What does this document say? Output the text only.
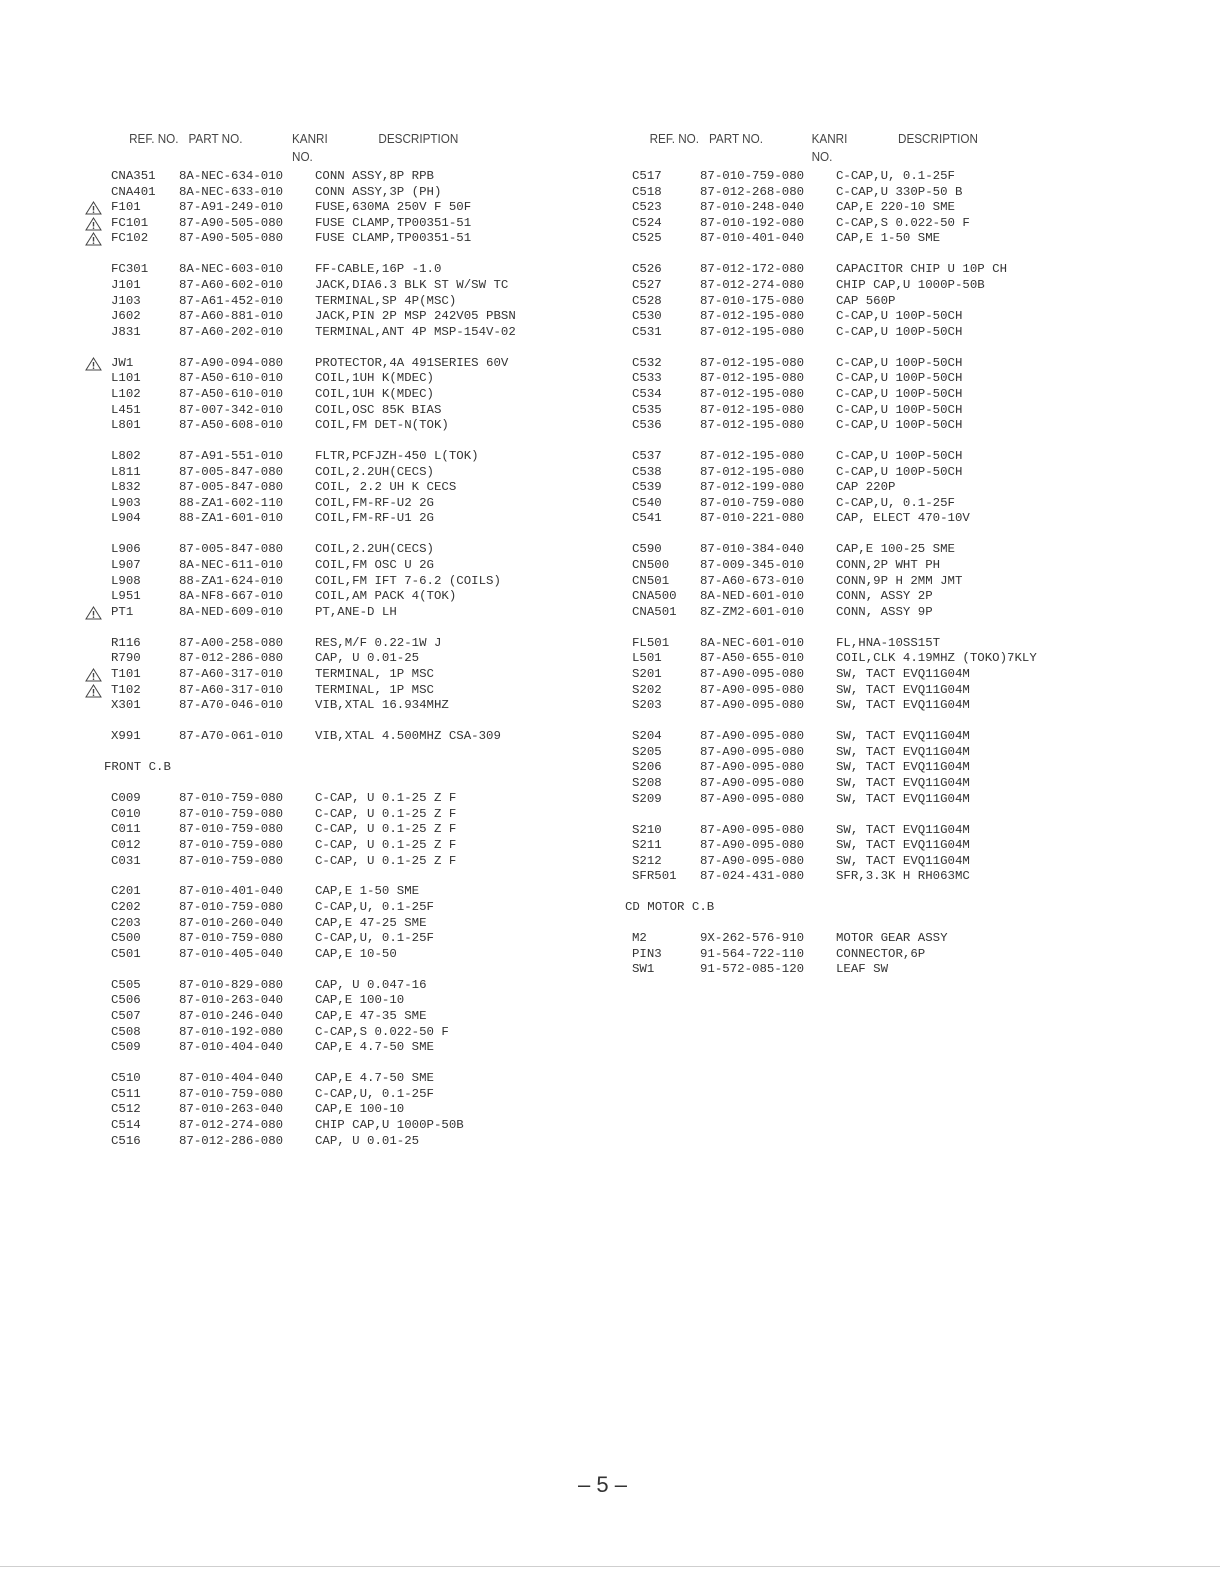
REF. NO. PART NO.	KANRI
NO.
DESCRIPTION
CNA351 8A-NEC-634-010	CONN ASSY,8P RPB
CNA401 8A-NEC-633-010	CONN ASSY,3P (PH)
F101	87-A91-249-010	FUSE,630MA 250V F 50F
FC101 87-A90-505-080	FUSE CLAMP,TP00351-51
FC102 87-A90-505-080	FUSE CLAMP,TP00351-51
FC301 8A-NEC-603-010	FF-CABLE,16P -1.0
J101	87-A60-602-010	JACK,DIA6.3 BLK ST W/SW TC
J103	87-A61-452-010	TERMINAL,SP 4P(MSC)
J602	87-A60-881-010	JACK,PIN 2P MSP 242V05 PBSN
J831	87-A60-202-010	TERMINAL,ANT 4P MSP-154V-02
JW1	87-A90-094-080	PROTECTOR,4A 491SERIES 60V
L101	87-A50-610-010	COIL,1UH K(MDEC)
L102	87-A50-610-010	COIL,1UH K(MDEC)
L451	87-007-342-010	COIL,OSC 85K BIAS
L801	87-A50-608-010	COIL,FM DET-N(TOK)
L802	87-A91-551-010	FLTR,PCFJZH-450 L(TOK)
L811	87-005-847-080	COIL,2.2UH(CECS)
L832	87-005-847-080	COIL, 2.2 UH K CECS
L903	88-ZA1-602-110	COIL,FM-RF-U2 2G
L904	88-ZA1-601-010	COIL,FM-RF-U1 2G
L906	87-005-847-080	COIL,2.2UH(CECS)
L907	8A-NEC-611-010	COIL,FM OSC U 2G
L908	88-ZA1-624-010	COIL,FM IFT 7-6.2 (COILS)
L951	8A-NF8-667-010	COIL,AM PACK 4(TOK)
PT1	8A-NED-609-010	PT,ANE-D LH
R116	87-A00-258-080	RES,M/F 0.22-1W J
R790	87-012-286-080	CAP, U 0.01-25
T101	87-A60-317-010	TERMINAL, 1P MSC
T102	87-A60-317-010	TERMINAL, 1P MSC
X301	87-A70-046-010	VIB,XTAL 16.934MHZ
X991	87-A70-061-010	VIB,XTAL 4.500MHZ CSA-309
FRONT C.B
C009	87-010-759-080	C-CAP, U 0.1-25 Z F
C010	87-010-759-080	C-CAP, U 0.1-25 Z F
C011	87-010-759-080	C-CAP, U 0.1-25 Z F
C012	87-010-759-080	C-CAP, U 0.1-25 Z F
C031	87-010-759-080	C-CAP, U 0.1-25 Z F
C201	87-010-401-040	CAP,E 1-50 SME
C202	87-010-759-080	C-CAP,U, 0.1-25F
C203	87-010-260-040	CAP,E 47-25 SME
C500	87-010-759-080	C-CAP,U, 0.1-25F
C501	87-010-405-040	CAP,E 10-50
C505	87-010-829-080	CAP, U 0.047-16
C506	87-010-263-040	CAP,E 100-10
C507	87-010-246-040	CAP,E 47-35 SME
C508	87-010-192-080	C-CAP,S 0.022-50 F
C509	87-010-404-040	CAP,E 4.7-50 SME
C510	87-010-404-040	CAP,E 4.7-50 SME
C511	87-010-759-080	C-CAP,U, 0.1-25F
C512	87-010-263-040	CAP,E 100-10
C514	87-012-274-080	CHIP CAP,U 1000P-50B
C516	87-012-286-080	CAP, U 0.01-25
REF. NO. PART NO.	KANRI
NO.
DESCRIPTION
C517	87-010-759-080	C-CAP,U, 0.1-25F
C518	87-012-268-080	C-CAP,U 330P-50 B
C523	87-010-248-040	CAP,E 220-10 SME
C524	87-010-192-080	C-CAP,S 0.022-50 F
C525	87-010-401-040	CAP,E 1-50 SME
C526	87-012-172-080	CAPACITOR CHIP U 10P CH
C527	87-012-274-080	CHIP CAP,U 1000P-50B
C528	87-010-175-080	CAP 560P
C530	87-012-195-080	C-CAP,U 100P-50CH
C531	87-012-195-080	C-CAP,U 100P-50CH
C532	87-012-195-080	C-CAP,U 100P-50CH
C533	87-012-195-080	C-CAP,U 100P-50CH
C534	87-012-195-080	C-CAP,U 100P-50CH
C535	87-012-195-080	C-CAP,U 100P-50CH
C536	87-012-195-080	C-CAP,U 100P-50CH
C537	87-012-195-080	C-CAP,U 100P-50CH
C538	87-012-195-080	C-CAP,U 100P-50CH
C539	87-012-199-080	CAP 220P
C540	87-010-759-080	C-CAP,U, 0.1-25F
C541	87-010-221-080	CAP, ELECT 470-10V
C590	87-010-384-040	CAP,E 100-25 SME
CN500 87-009-345-010	CONN,2P WHT PH
CN501 87-A60-673-010	CONN,9P H 2MM JMT
CNA500 8A-NED-601-010	CONN, ASSY 2P
CNA501 8Z-ZM2-601-010	CONN, ASSY 9P
FL501 8A-NEC-601-010	FL,HNA-10SS15T
L501	87-A50-655-010	COIL,CLK 4.19MHZ (TOKO)7KLY
S201	87-A90-095-080	SW, TACT EVQ11G04M
S202	87-A90-095-080	SW, TACT EVQ11G04M
S203	87-A90-095-080	SW, TACT EVQ11G04M
S204	87-A90-095-080	SW, TACT EVQ11G04M
S205	87-A90-095-080	SW, TACT EVQ11G04M
S206	87-A90-095-080	SW, TACT EVQ11G04M
S208	87-A90-095-080	SW, TACT EVQ11G04M
S209	87-A90-095-080	SW, TACT EVQ11G04M
S210	87-A90-095-080	SW, TACT EVQ11G04M
S211	87-A90-095-080	SW, TACT EVQ11G04M
S212	87-A90-095-080	SW, TACT EVQ11G04M
SFR501 87-024-431-080	SFR,3.3K H RH063MC
CD MOTOR C.B
M2	9X-262-576-910	MOTOR GEAR ASSY
PIN3	91-564-722-110	CONNECTOR,6P
SW1	91-572-085-120	LEAF SW
– 5 –
